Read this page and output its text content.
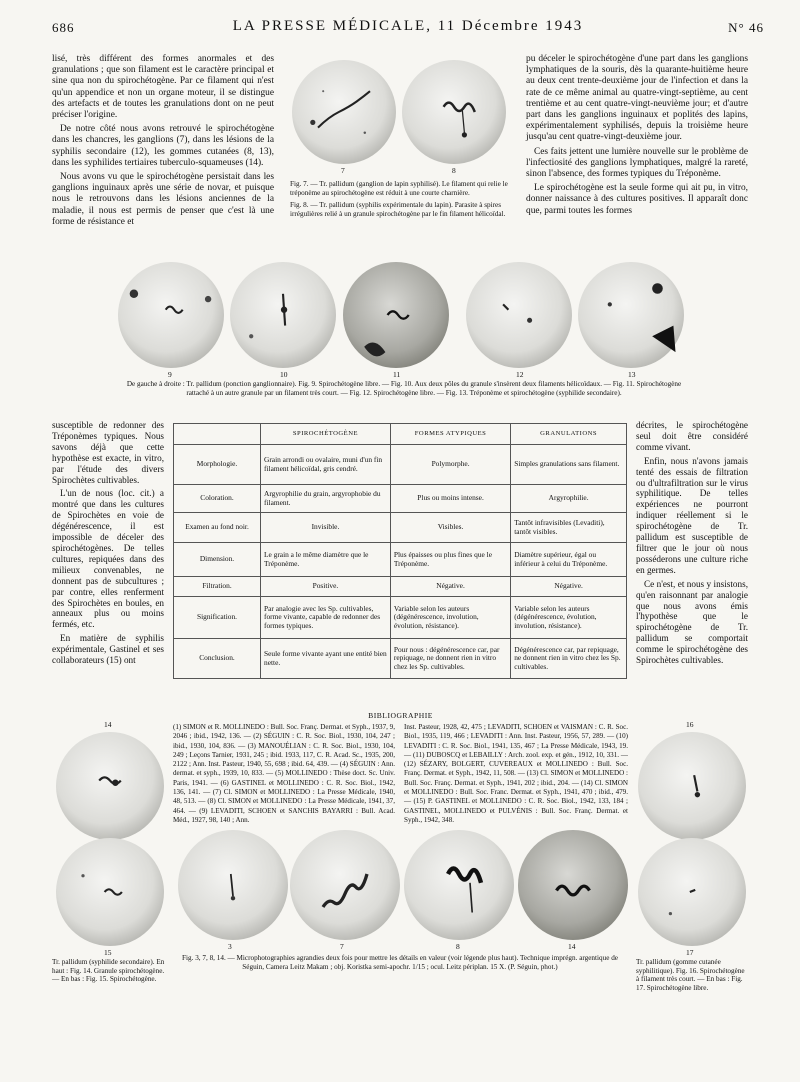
686	LA PRESSE MÉDICALE, 11 Décembre 1943	N° 46

lisé, très différent des formes anormales et des granulations ; que son filament est le caractère principal et sine qua non du spirochétogène. Par ce filament qui n'est qu'un appendice et non un organe moteur, il se distingue des artefacts et de toutes les granulations dont on ne peut préciser l'origine.

De notre côté nous avons retrouvé le spirochétogène dans les chancres, les ganglions (7), dans les lésions de la syphilis secondaire (12), les gommes cutanées (8, 13), dans les syphilides tertiaires tuberculo-squameuses (14).

Nous avons vu que le spirochétogène persistait dans les ganglions inguinaux après une série de novar, et puisque nous le retrouvons dans les lésions anciennes de la maladie, il nous est permis de penser que c'est là une forme de résistance et

7	8

Fig. 7. — Tr. pallidum (ganglion de lapin syphilisé). Le filament qui relie le tréponème au spirochétogène est réduit à une courte charnière.

Fig. 8. — Tr. pallidum (syphilis expérimentale du lapin). Parasite à spires irrégulières relié à un granule spirochétogène par le fin filament hélicoïdal.

pu déceler le spirochétogène d'une part dans les ganglions lymphatiques de la souris, dès la quarante-huitième heure au deux cent trente-deuxième jour de l'infection et dans la rate de ce même animal au quatre-vingt-septième, au cent trentième et au cent quatre-vingt-neuvième jour; et d'autre part dans les ganglions inguinaux et poplités des lapins, expérimentalement syphilisés, depuis la troisième heure jusqu'au cent quatre-vingt-deuxième jour.

Ces faits jettent une lumière nouvelle sur le problème de l'infectiosité des ganglions lymphatiques, malgré la rareté, sinon l'absence, des formes typiques du Tréponème.

Le spirochétogène est la seule forme qui ait pu, in vitro, donner naissance à des cultures positives. Il apparaît donc que, parmi toutes les formes

9	10	11	12	13
De gauche à droite : Tr. pallidum (ponction ganglionnaire). Fig. 9. Spirochétogène libre. — Fig. 10. Aux deux pôles du granule s'insèrent deux filaments hélicoïdaux. — Fig. 11. Spirochétogène rattaché à un autre granule par un filament très court. — Fig. 12. Spirochétogène libre. — Fig. 13. Tréponème et spirochétogène (syphilide secondaire).

susceptible de redonner des Tréponèmes typiques. Nous savons déjà que cette hypothèse est exacte, in vitro, par l'étude des divers Spirochètes cultivables.

L'un de nous (loc. cit.) a montré que dans les cultures de Spirochètes en voie de dégénérescence, il est impossible de déceler des spirochétogènes. De telles cultures, repiquées dans des milieux convenables, ne donnent pas de subcultures ; par contre, elles renferment des Spirochètes en boules, en anneaux plus ou moins fermés, etc.

En matière de syphilis expérimentale, Gastinel et ses collaborateurs (15) ont

	SPIROCHÉTOGÈNE	FORMES ATYPIQUES	GRANULATIONS
Morphologie.	Grain arrondi ou ovalaire, muni d'un fin filament hélicoïdal, gris cendré.	Polymorphe.	Simples granulations sans filament.
Coloration.	Argyrophilie du grain, argyrophobie du filament.	Plus ou moins intense.	Argyrophilie.
Examen au fond noir.	Invisible.	Visibles.	Tantôt infravisibles (Levaditi), tantôt visibles.
Dimension.	Le grain a le même diamètre que le Tréponème.	Plus épaisses ou plus fines que le Tréponème.	Diamètre supérieur, égal ou inférieur à celui du Tréponème.
Filtration.	Positive.	Négative.	Négative.
Signification.	Par analogie avec les Sp. cultivables, forme vivante, capable de redonner des formes typiques.	Variable selon les auteurs (dégénérescence, involution, évolution, résistance).	Variable selon les auteurs (dégénérescence, évolution, involution, résistance).
Conclusion.	Seule forme vivante ayant une entité bien nette.	Pour nous : dégénérescence car, par repiquage, ne donnent rien in vitro chez les Sp. cultivables.	Dégénérescence car, par repiquage, ne donnent rien in vitro chez les Sp. cultivables.

décrites, le spirochétogène seul doit être considéré comme vivant.

Enfin, nous n'avons jamais tenté des essais de filtration ou d'ultrafiltration sur le virus syphilitique. De telles expériences ne pourront indiquer réellement si le spirochétogène de Tr. pallidum est susceptible de filtrer que le jour où nous posséderons une culture riche en germes.

Ce n'est, et nous y insistons, qu'en raisonnant par analogie que nous avons émis l'hypothèse que le spirochétogène de Tr. pallidum se comportait comme le spirochétogène des Spirochètes cultivables.

BIBLIOGRAPHIE
(1) SIMON et R. MOLLINEDO : Bull. Soc. Franç. Dermat. et Syph., 1937, 9, 2046 ; ibid., 1942, 136. — (2) SÉGUIN : C. R. Soc. Biol., 1930, 104, 247 ; ibid., 1930, 104, 836. — (3) MANOUÉLIAN : C. R. Soc. Biol., 1930, 104, 249 ; Leçons Tarnier, 1931, 245 ; ibid. 1933, 117, C. R. Acad. Sc., 1935, 200, 2122 ; Ann. Inst. Pasteur, 1940, 55, 698 ; ibid. 64, 439. — (4) SÉGUIN : Ann. dermat. et syph., 1939, 10, 833. — (5) MOLLINEDO : Thèse doct. Sc. Univ. Paris, 1941. — (6) GASTINEL et MOLLINEDO : C. R. Soc. Biol., 1942, 136, 141. — (7) Cl. SIMON et MOLLINEDO : La Presse Médicale, 1940, 48, 513. — (8) Cl. SIMON et MOLLINEDO : La Presse Médicale, 1941, 37, 464. — (9) LEVADITI, SCHOEN et SANCHIS BAYARRI : Bull. Acad. Méd., 1927, 98, 140 ; Ann.
Inst. Pasteur, 1928, 42, 475 ; LEVADITI, SCHOEN et VAISMAN : C. R. Soc. Biol., 1935, 119, 466 ; LEVADITI : Ann. Inst. Pasteur, 1956, 57, 289. — (10) LEVADITI : C. R. Soc. Biol., 1941, 135, 467 ; La Presse Médicale, 1943, 19. — (11) DUBOSCQ et LEBAILLY : Arch. zool. exp. et gén., 1912, 10, 331. — (12) SÉZARY, BOLGERT, CUVEREAUX et MOLLINEDO : Bull. Soc. Franç. Dermat. et Syph., 1942, 11, 508. — (13) Cl. SIMON et MOLLINEDO : Bull. Soc. Franç. Dermat. et Syph., 1941, 202 ; ibid., 204. — (14) Cl. SIMON et MOLLINEDO : Bull. Soc. Franc. Dermat. et Syph., 1941, 470 ; ibid., 479. — (15) P. GASTINEL et MOLLINEDO : C. R. Soc. Biol., 1942, 133, 184 ; GASTINEL, MOLLINEDO et PULVÉNIS : Bull. Soc. Franç. Dermat. et Syph., 1942, 348.
14
15
Tr. pallidum (syphilide secondaire). En haut : Fig. 14. Granule spirochétogène. — En bas : Fig. 15. Spirochétogène.
16
17
Tr. pallidum (gomme cutanée syphilitique). Fig. 16. Spirochétogène à filament très court. — En bas : Fig. 17. Spirochétogène libre.
3	7	8	14
Fig. 3, 7, 8, 14. — Microphotographies agrandies deux fois pour mettre les détails en valeur (voir légende plus haut). Technique imprégn. argentique de Séguin, Camera Leitz Makam ; obj. Koristka semi-apochr. 1/15 ; ocul. Leitz périplan. 15 X. (P. Séguin, phot.)
